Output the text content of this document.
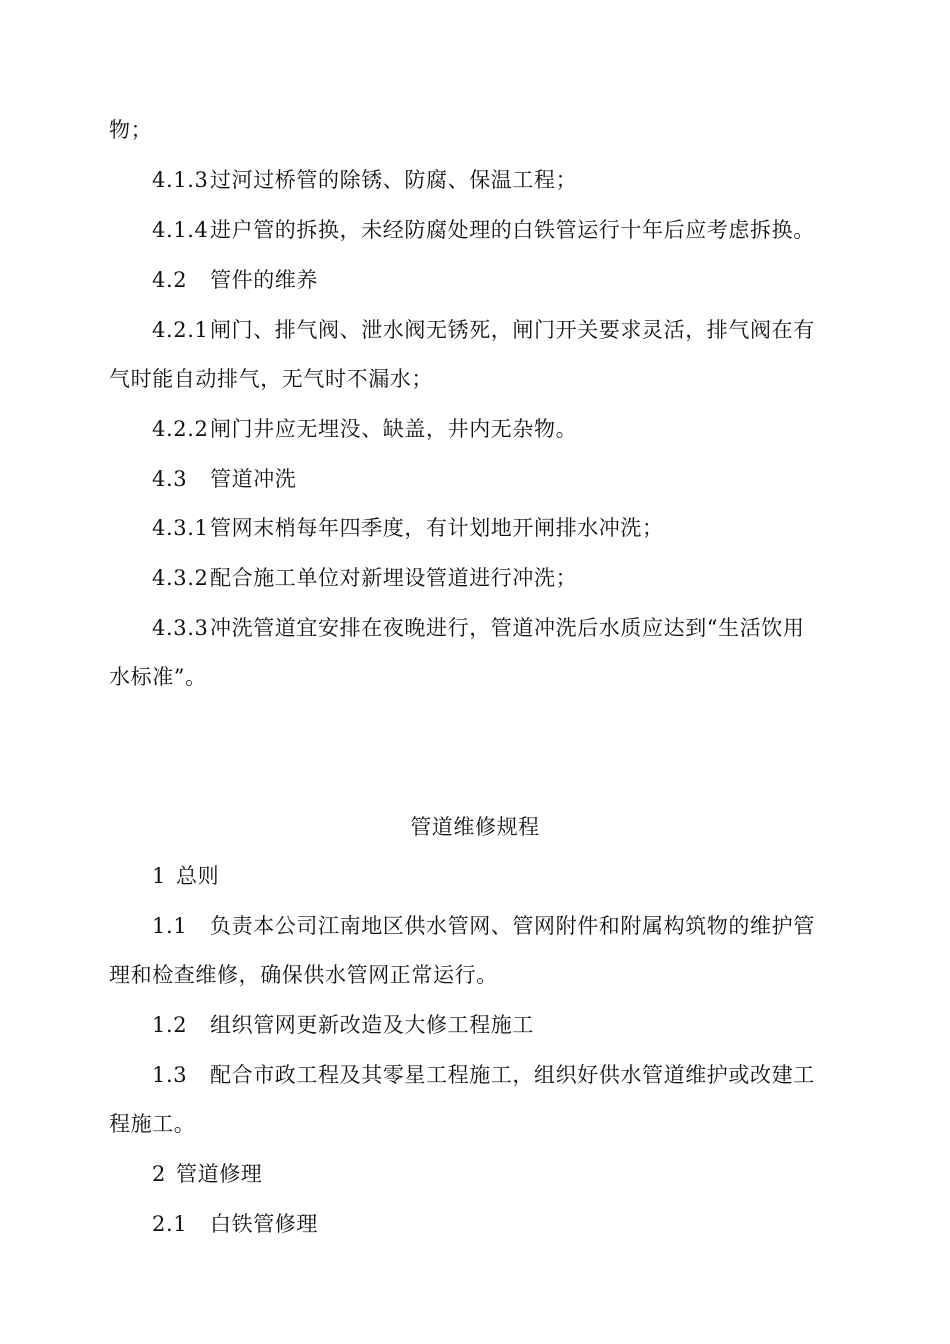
物；
4.1.3过河过桥管的除锈、防腐、保温工程；
4.1.4进户管的拆换，未经防腐处理的白铁管运行十年后应考虑拆换。
4.2 管件的维养
4.2.1闸门、排气阀、泄水阀无锈死，闸门开关要求灵活，排气阀在有
气时能自动排气，无气时不漏水；
4.2.2闸门井应无埋没、缺盖，井内无杂物。
4.3 管道冲洗
4.3.1管网末梢每年四季度，有计划地开闸排水冲洗；
4.3.2配合施工单位对新埋设管道进行冲洗；
4.3.3冲洗管道宜安排在夜晚进行，管道冲洗后水质应达到“生活饮用
水标准”。
管道维修规程
1 总则
1.1 负责本公司江南地区供水管网、管网附件和附属构筑物的维护管
理和检查维修，确保供水管网正常运行。
1.2 组织管网更新改造及大修工程施工
1.3 配合市政工程及其零星工程施工，组织好供水管道维护或改建工
程施工。
2 管道修理
2.1 白铁管修理
